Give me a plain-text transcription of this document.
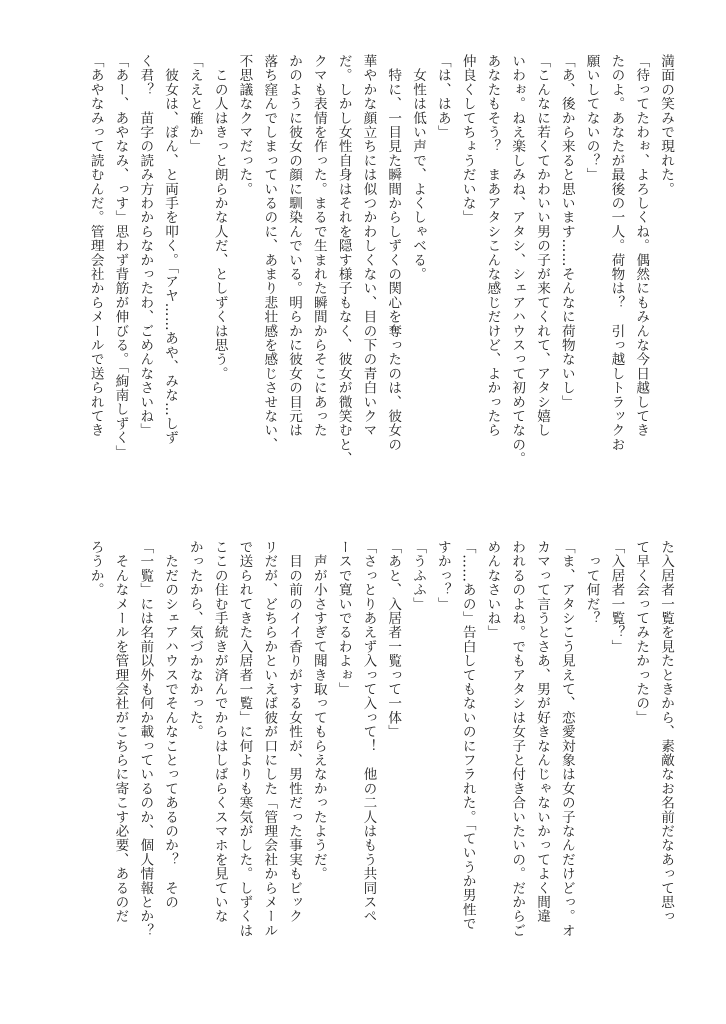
満面の笑みで現れた。
「待ってたわぉ、よろしくね。偶然にもみんな今日越してき
たのよ。あなたが最後の一人。荷物は？　引っ越しトラックお
願いしてないの？」
「あ、後から来ると思います……そんなに荷物ないし」
「こんなに若くてかわいい男の子が来てくれて、アタシ嬉し
いわぉ。ねえ楽しみね、アタシ、シェアハウスって初めてなの。
あなたもそう？　まあアタシこんな感じだけど、よかったら
仲良くしてちょうだいな」
「は、はあ」
　女性は低い声で、よくしゃべる。
　特に、一目見た瞬間からしずくの関心を奪ったのは、彼女の
華やかな顔立ちには似つかわしくない、目の下の青白いクマ
だ。しかし女性自身はそれを隠す様子もなく、彼女が微笑むと、
クマも表情を作った。まるで生まれた瞬間からそこにあった
かのように彼女の顔に馴染んでいる。明らかに彼女の目元は
落ち窪んでしまっているのに、あまり悲壮感を感じさせない、
不思議なクマだった。
　この人はきっと朗らかな人だ、としずくは思う。
「ええと確か」
　彼女は、ぽん、と両手を叩く。「アヤ……あや、みな…しず
く君？　苗字の読み方わからなかったわ、ごめんなさいね」
「あー、あやなみ、っす」思わず背筋が伸びる。「絢南しずく」
「あやなみって読むんだ。管理会社からメールで送られてき
た入居者一覧を見たときから、素敵なお名前だなあって思っ
て早く会ってみたかったの」
「入居者一覧？」
　って何だ？
「ま、アタシこう見えて、恋愛対象は女の子なんだけどっ。オ
カマって言うとさあ、男が好きなんじゃないかってよく間違
われるのよね。でもアタシは女子と付き合いたいの。だからご
めんなさいね」
「……あの」告白してもないのにフラれた。「ていうか男性で
すかっ？」
「うふふ」
「あと、入居者一覧って一体」
「さっとりあえず入って入って！　他の二人はもう共同スペ
ースで寛いでるわよぉ」
　声が小さすぎて聞き取ってもらえなかったようだ。
　目の前のイイ香りがする女性が、男性だった事実もビック
リだが、どちらかといえば彼が口にした「管理会社からメール
で送られてきた入居者一覧」に何よりも寒気がした。しずくは
ここの住む手続きが済んでからはしばらくスマホを見ていな
かったから、気づかなかった。
　ただのシェアハウスでそんなことってあるのか？　その
「一覧」には名前以外も何か載っているのか、個人情報とか？
　そんなメールを管理会社がこちらに寄こす必要、あるのだ
ろうか。
